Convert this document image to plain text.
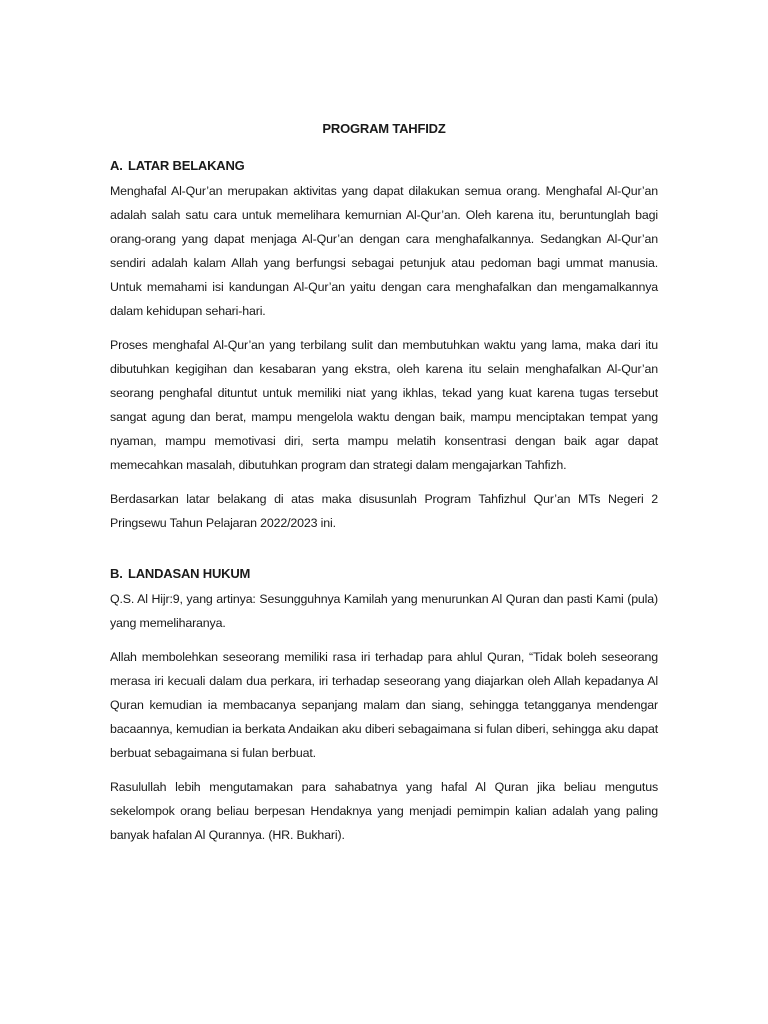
PROGRAM TAHFIDZ
A. LATAR BELAKANG

Menghafal Al-Qur’an merupakan aktivitas yang dapat dilakukan semua orang. Menghafal Al-Qur’an adalah salah satu cara untuk memelihara kemurnian Al-Qur’an. Oleh karena itu, beruntunglah bagi orang-orang yang dapat menjaga Al-Qur’an dengan cara menghafalkannya. Sedangkan Al-Qur’an sendiri adalah kalam Allah yang berfungsi sebagai petunjuk atau pedoman bagi ummat manusia. Untuk memahami isi kandungan Al-Qur’an yaitu dengan cara menghafalkan dan mengamalkannya dalam kehidupan sehari-hari.

Proses menghafal Al-Qur’an yang terbilang sulit dan membutuhkan waktu yang lama, maka dari itu dibutuhkan kegigihan dan kesabaran yang ekstra, oleh karena itu selain menghafalkan Al-Qur’an seorang penghafal dituntut untuk memiliki niat yang ikhlas, tekad yang kuat karena tugas tersebut sangat agung dan berat, mampu mengelola waktu dengan baik, mampu menciptakan tempat yang nyaman, mampu memotivasi diri, serta mampu melatih konsentrasi dengan baik agar dapat memecahkan masalah, dibutuhkan program dan strategi dalam mengajarkan Tahfizh.

Berdasarkan latar belakang di atas maka disusunlah Program Tahfizhul Qur’an MTs Negeri 2 Pringsewu Tahun Pelajaran 2022/2023 ini.

B. LANDASAN HUKUM

Q.S. Al Hijr:9, yang artinya: Sesungguhnya Kamilah yang menurunkan Al Quran dan pasti Kami (pula) yang memeliharanya.

Allah membolehkan seseorang memiliki rasa iri terhadap para ahlul Quran, “Tidak boleh seseorang merasa iri kecuali dalam dua perkara, iri terhadap seseorang yang diajarkan oleh Allah kepadanya Al Quran kemudian ia membacanya sepanjang malam dan siang, sehingga tetangganya mendengar bacaannya, kemudian ia berkata Andaikan aku diberi sebagaimana si fulan diberi, sehingga aku dapat berbuat sebagaimana si fulan berbuat.

Rasulullah lebih mengutamakan para sahabatnya yang hafal Al Quran jika beliau mengutus sekelompok orang beliau berpesan Hendaknya yang menjadi pemimpin kalian adalah yang paling banyak hafalan Al Qurannya. (HR. Bukhari).
